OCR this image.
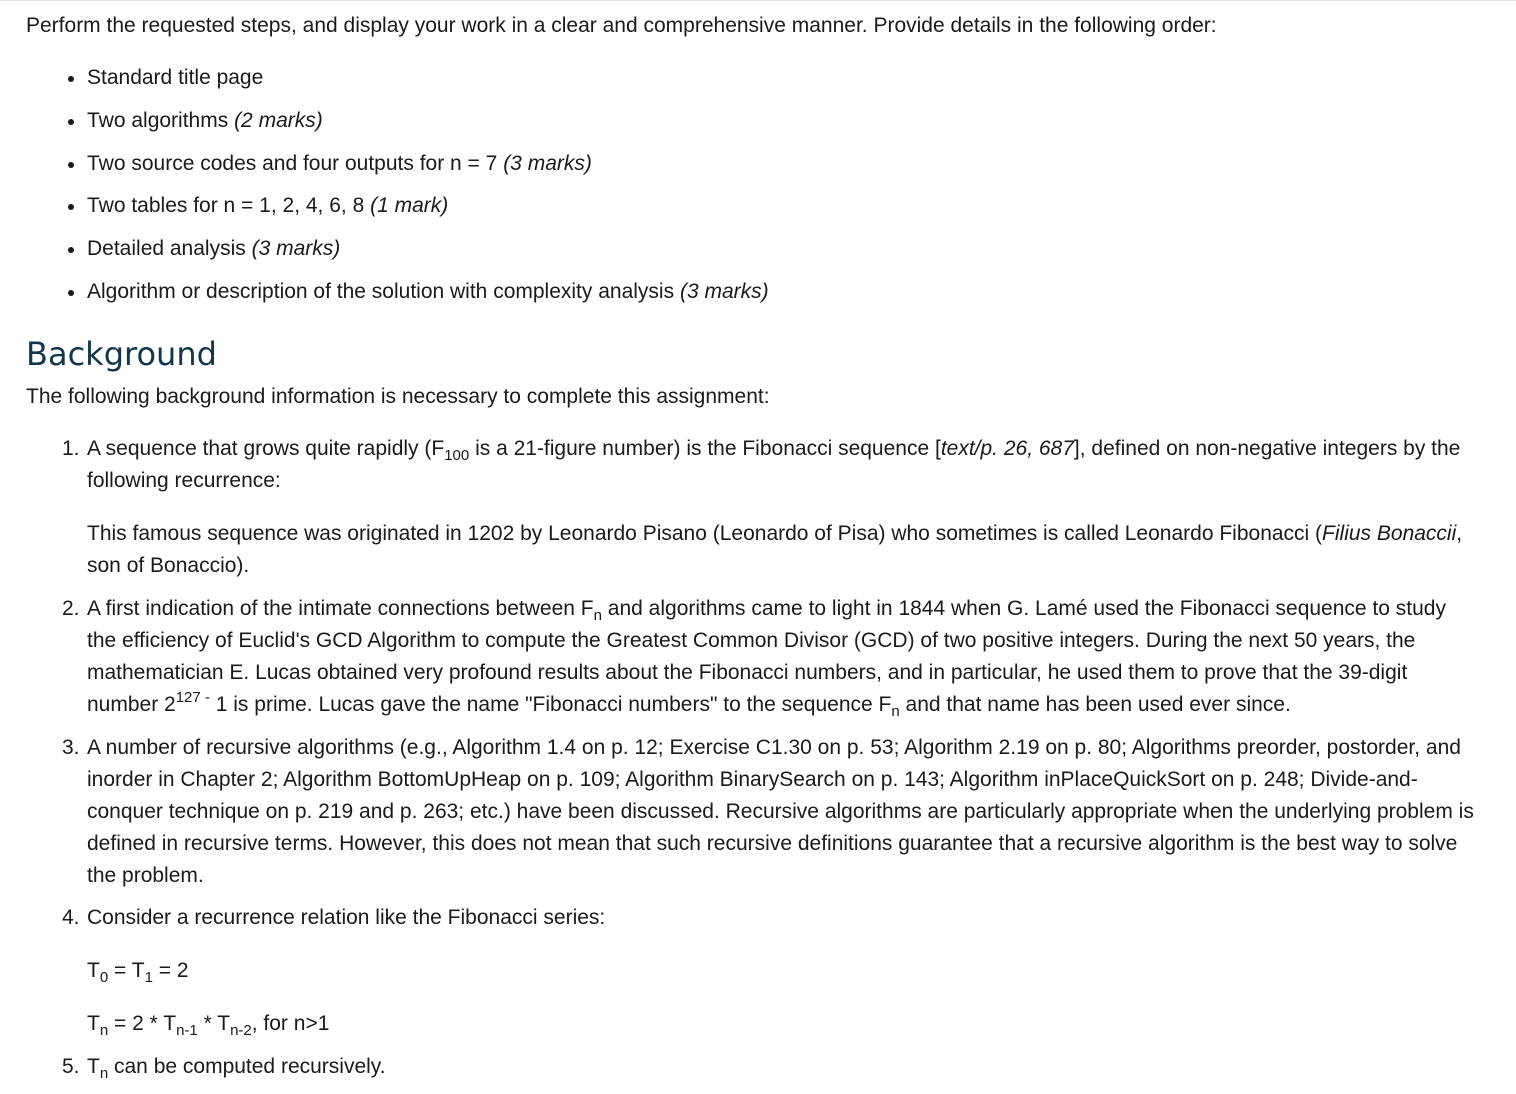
Perform the requested steps, and display your work in a clear and comprehensive manner. Provide details in the following order:

Standard title page
Two algorithms (2 marks)
Two source codes and four outputs for n = 7 (3 marks)
Two tables for n = 1, 2, 4, 6, 8 (1 mark)
Detailed analysis (3 marks)
Algorithm or description of the solution with complexity analysis (3 marks)
Background

The following background information is necessary to complete this assignment:

1. A sequence that grows quite rapidly ($F_{100}$ is a 21-figure number) is the Fibonacci sequence [text/p. 26, 687], defined on non-negative integers by the following recurrence:

This famous sequence was originated in 1202 by Leonardo Pisano (Leonardo of Pisa) who sometimes is called Leonardo Fibonacci (Filius Bonaccii, son of Bonaccio).

2. A first indication of the intimate connections between $F_n$ and algorithms came to light in 1844 when G. Lamé used the Fibonacci sequence to study the efficiency of Euclid's GCD Algorithm to compute the Greatest Common Divisor (GCD) of two positive integers. During the next 50 years, the mathematician E. Lucas obtained very profound results about the Fibonacci numbers, and in particular, he used them to prove that the 39-digit number $2^{127 -}$ 1 is prime. Lucas gave the name "Fibonacci numbers" to the sequence $F_n$ and that name has been used ever since.

3. A number of recursive algorithms (e.g., Algorithm 1.4 on p. 12; Exercise C1.30 on p. 53; Algorithm 2.19 on p. 80; Algorithms preorder, postorder, and inorder in Chapter 2; Algorithm BottomUpHeap on p. 109; Algorithm BinarySearch on p. 143; Algorithm inPlaceQuickSort on p. 248; Divide-and-conquer technique on p. 219 and p. 263; etc.) have been discussed. Recursive algorithms are particularly appropriate when the underlying problem is defined in recursive terms. However, this does not mean that such recursive definitions guarantee that a recursive algorithm is the best way to solve the problem.

4. Consider a recurrence relation like the Fibonacci series:

$T_0 = T_1 = 2$

$T_n = 2 * T_{n-1} * T_{n-2}$, for n>1

5. $T_n$ can be computed recursively.
